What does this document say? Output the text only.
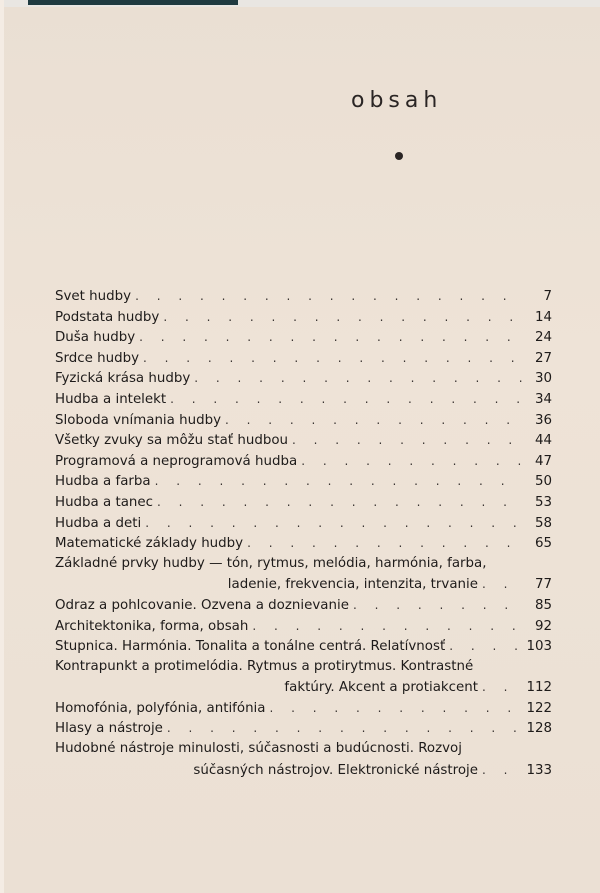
obsah
Svet hudby . . .	7
Podstata hudby . . .	14
Duša hudby . . .	24
Srdce hudby . . .	27
Fyzická krása hudby . . .	30
Hudba a intelekt . . .	34
Sloboda vnímania hudby . . .	36
Všetky zvuky sa môžu stať hudbou . . .	44
Programová a neprogramová hudba . . .	47
Hudba a farba . . .	50
Hudba a tanec . . .	53
Hudba a deti . . .	58
Matematické základy hudby . . .	65
Základné prvky hudby — tón, rytmus, melódia, harmónia, farba,
ladenie, frekvencia, intenzita, trvanie . . .	77
Odraz a pohlcovanie. Ozvena a doznievanie . . .	85
Architektonika, forma, obsah . . .	92
Stupnica. Harmónia. Tonalita a tonálne centrá. Relatívnosť . . .	103
Kontrapunkt a protimelódia. Rytmus a protirytmus. Kontrastné
faktúry. Akcent a protiakcent . . .	112
Homofónia, polyfónia, antifónia . . .	122
Hlasy a nástroje . . .	128
Hudobné nástroje minulosti, súčasnosti a budúcnosti. Rozvoj
súčasných nástrojov. Elektronické nástroje . . .	133
